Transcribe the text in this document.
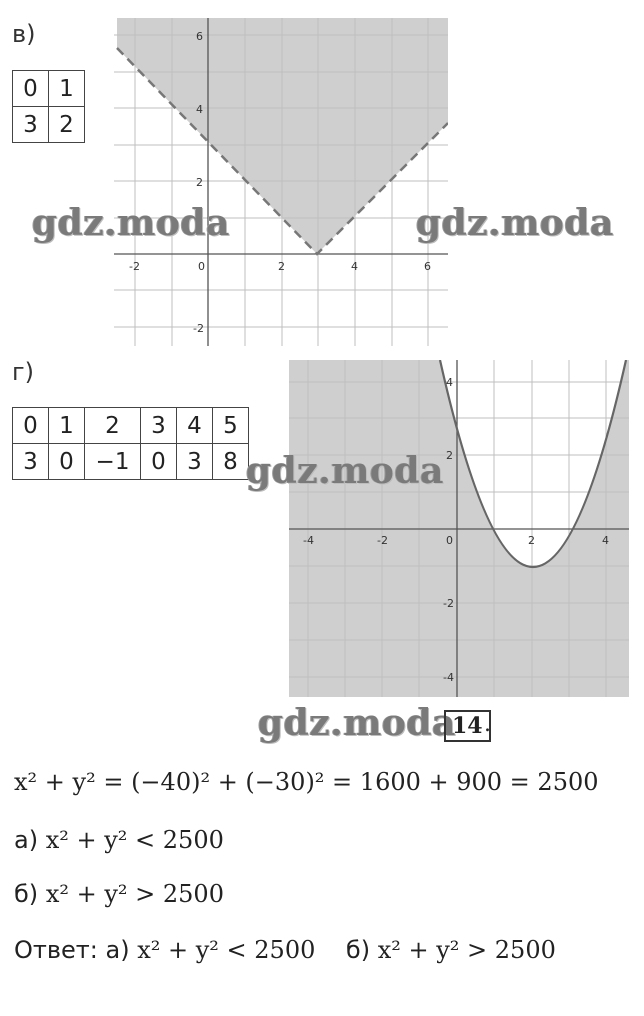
в)
0	1
3	2
-2	0	2	4	6
6
4
2
-2
gdz.moda	gdz.moda
г)
0	1	2	3	4	5
3	0	−1	0	3	8
-4	-2	0	2	4
4
2
-2
-4
gdz.moda
gdz.moda
14 .
x² + y² = (−40)² + (−30)² = 1600 + 900 = 2500
а) x² + y² < 2500
б) x² + y² > 2500
Ответ: а) x² + y² < 2500 б) x² + y² > 2500
